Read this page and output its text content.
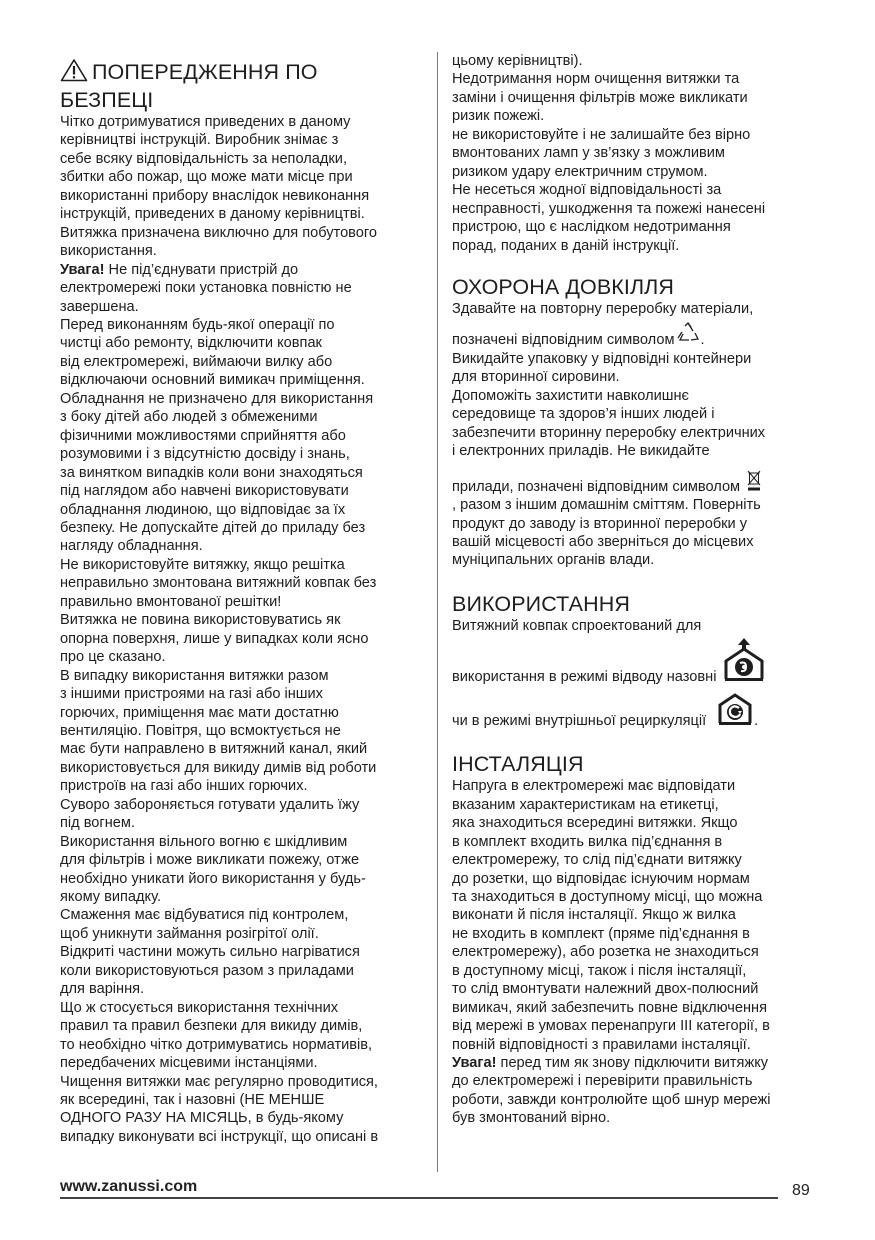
ПОПЕРЕДЖЕННЯ ПО
БЕЗПЕЦІ

Чітко дотримуватися приведених в даному
керівництві інструкцій. Виробник знімає з
себе всяку відповідальність за неполадки,
збитки або пожар, що може мати місце при
використанні прибору внаслідок невиконання
інструкцій, приведених в даному керівництві.
Витяжка призначена виключно для побутового
використання.

Увага! Не під’єднувати пристрій до
електромережі поки установка повністю не
завершена.

Перед виконанням будь-якої операції по
чистці або ремонту, відключити ковпак
від електромережі, виймаючи вилку або
відключаючи основний вимикач приміщення.
Обладнання не призначено для використання
з боку дітей або людей з обмеженими
фізичними можливостями сприйняття або
розумовими і з відсутністю досвіду і знань,
за винятком випадків коли вони знаходяться
під наглядом або навчені використовувати
обладнання людиною, що відповідає за їх
безпеку. Не допускайте дітей до приладу без
нагляду обладнання.
Не використовуйте витяжку, якщо решітка
неправильно змонтована витяжний ковпак без
правильно вмонтованої решітки!
Витяжка не повина використовуватись як
опорна поверхня, лише у випадках коли ясно
про це сказано.
В випадку використання витяжки разом
з іншими пристроями на газі або інших
горючих, приміщення має мати достатню
вентиляцію. Повітря, що всмоктується не
має бути направлено в витяжний канал, який
використовується для викиду димів від роботи
пристроїв на газі або інших горючих.
Суворо забороняється готувати удалить їжу
під вогнем.
Використання вільного вогню є шкідливим
для фільтрів і може викликати пожежу, отже
необхідно уникати його використання у будь-
якому випадку.
Смаження має відбуватися під контролем,
щоб уникнути займання розігрітої олії.
Відкриті частини можуть сильно нагріватися
коли використовуються разом з приладами
для варіння.
Що ж стосується використання технічних
правил та правил безпеки для викиду димів,
то необхідно чітко дотримуватись нормативів,
передбачених місцевими інстанціями.
Чищення витяжки має регулярно проводитися,
як всередині, так і назовні (НЕ МЕНШЕ
ОДНОГО РАЗУ НА МІСЯЦЬ, в будь-якому
випадку виконувати всі інструкції, що описані в

цьому керівництві).
Недотримання норм очищення витяжки та
заміни і очищення фільтрів може викликати
ризик пожежі.
не використовуйте і не залишайте без вірно
вмонтованих ламп у зв’язку з можливим
ризиком удару електричним струмом.
Не несеться жодної відповідальності за
несправності, ушкодження та пожежі нанесені
пристрою, що є наслідком недотримання
порад, поданих в даній інструкції.

ОХОРОНА ДОВКІЛЛЯ

Здавайте на повторну переробку матеріали,

позначені відповідним символом .

Викидайте упаковку у відповідні контейнери
для вторинної сировини.
Допоможіть захистити навколишнє
середовище та здоров’я інших людей і
забезпечити вторинну переробку електричних
і електронних приладів. Не викидайте

прилади, позначені відповідним символом

, разом з іншим домашнім сміттям. Поверніть
продукт до заводу із вторинної переробки у
вашій місцевості або зверніться до місцевих
муніципальних органів влади.

ВИКОРИСТАННЯ

Витяжний ковпак спроектований для

використання в режимі відводу назовні
чи в режимі внутрішньої рециркуляції	.
ІНСТАЛЯЦІЯ

Напруга в електромережі має відповідати
вказаним характеристикам на етикетці,
яка знаходиться всередині витяжки. Якщо
в комплект входить вилка під’єднання в
електромережу, то слід під’єднати витяжку
до розетки, що відповідає існуючим нормам
та знаходиться в доступному місці, що можна
виконати й після інсталяції. Якщо ж вилка
не входить в комплект (пряме під’єднання в
електромережу), або розетка не знаходиться
в доступному місці, також і після інсталяції,
то слід вмонтувати належний двох-полюсний
вимикач, який забезпечить повне відключення
від мережі в умовах перенапруги III категорії, в
повній відповідності з правилами інсталяції.

Увага! перед тим як знову підключити витяжку
до електромережі і перевірити правильність
роботи, завжди контролюйте щоб шнур мережі
був змонтований вірно.

www.zanussi.com	89
